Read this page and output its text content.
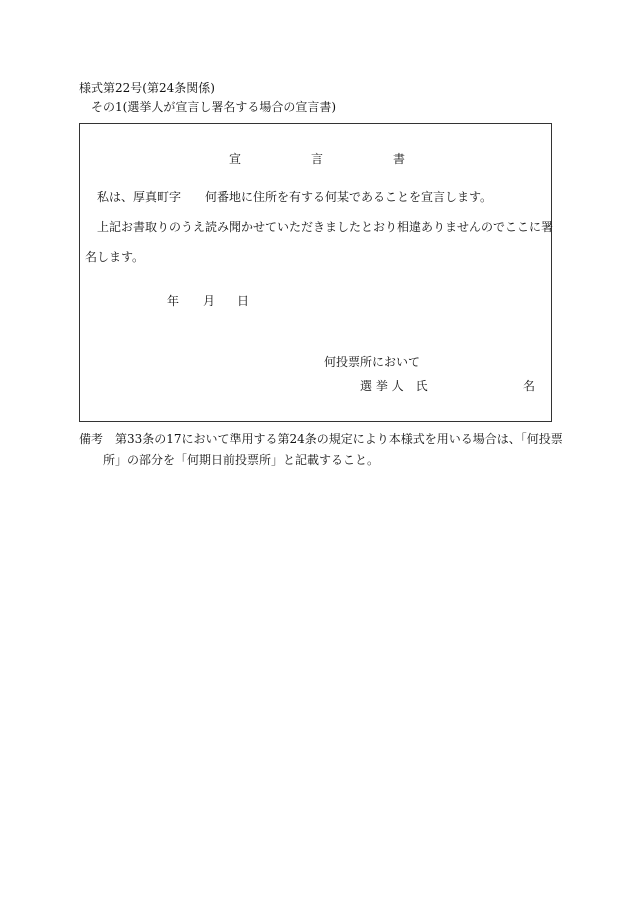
様式第22号(第24条関係)
その1(選挙人が宣言し署名する場合の宣言書)
宣	言	書
私は、厚真町字　　何番地に住所を有する何某であることを宣言します。
上記お書取りのうえ読み聞かせていただきましたとおり相違ありませんのでここに署
名します。
年 月 日
何投票所において
選 挙 人　氏	名
備考 第33条の17において準用する第24条の規定により本様式を用いる場合は、「何投票
所」の部分を「何期日前投票所」と記載すること。
